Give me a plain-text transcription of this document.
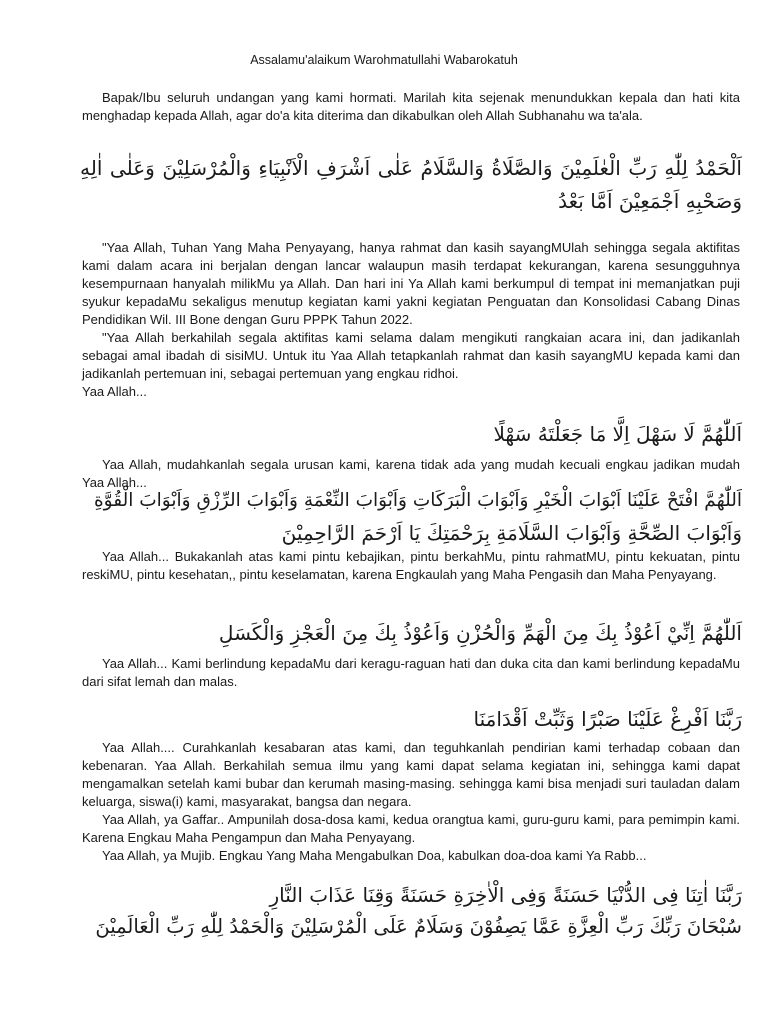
Assalamu'alaikum Warohmatullahi Wabarokatuh

Bapak/Ibu seluruh undangan yang kami hormati. Marilah kita sejenak menundukkan kepala dan hati kita menghadap kepada Allah, agar do'a kita diterima dan dikabulkan oleh Allah Subhanahu wa ta'ala.

اَلْحَمْدُ لِلّٰهِ رَبِّ الْعٰلَمِيْنَ وَالصَّلَاةُ وَالسَّلَامُ عَلٰى اَشْرَفِ الْاَنْبِيَاءِ وَالْمُرْسَلِيْنَ وَعَلٰى اٰلِهِ وَصَحْبِهِ اَجْمَعِيْنَ اَمَّا بَعْدُ

"Yaa Allah, Tuhan Yang Maha Penyayang, hanya rahmat dan kasih sayangMUlah sehingga segala aktifitas kami dalam acara ini berjalan dengan lancar walaupun masih terdapat kekurangan, karena sesungguhnya kesempurnaan hanyalah milikMu ya Allah. Dan hari ini Ya Allah kami berkumpul di tempat ini memanjatkan puji syukur kepadaMu sekaligus menutup kegiatan kami yakni kegiatan Penguatan dan Konsolidasi Cabang Dinas Pendidikan Wil. III Bone dengan Guru PPPK Tahun 2022.

"Yaa Allah berkahilah segala aktifitas kami selama dalam mengikuti rangkaian acara ini, dan jadikanlah sebagai amal ibadah di sisiMU. Untuk itu Yaa Allah tetapkanlah rahmat dan kasih sayangMU kepada kami dan jadikanlah pertemuan ini, sebagai pertemuan yang engkau ridhoi.

Yaa Allah...

اَللّٰهُمَّ لَا سَهْلَ اِلَّا مَا جَعَلْتَهُ سَهْلًا

Yaa Allah, mudahkanlah segala urusan kami, karena tidak ada yang mudah kecuali engkau jadikan mudah Yaa Allah...

اَللّٰهُمَّ افْتَحْ عَلَيْنَا اَبْوَابَ الْخَيْرِ وَاَبْوَابَ الْبَرَكَاتِ وَاَبْوَابَ النِّعْمَةِ وَاَبْوَابَ الرِّزْقِ وَاَبْوَابَ الْقُوَّةِ
وَاَبْوَابَ الصِّحَّةِ وَاَبْوَابَ السَّلَامَةِ بِرَحْمَتِكَ يَا اَرْحَمَ الرَّاحِمِيْنَ

Yaa Allah... Bukakanlah atas kami pintu kebajikan, pintu berkahMu, pintu rahmatMU, pintu kekuatan, pintu reskiMU, pintu kesehatan,, pintu keselamatan, karena Engkaulah yang Maha Pengasih dan Maha Penyayang.

اَللّٰهُمَّ اِنِّيْ اَعُوْذُ بِكَ مِنَ الْهَمِّ وَالْحُزْنِ وَاَعُوْذُ بِكَ مِنَ الْعَجْزِ وَالْكَسَلِ

Yaa Allah... Kami berlindung kepadaMu dari keragu-raguan hati dan duka cita dan kami berlindung kepadaMu dari sifat lemah dan malas.

رَبَّنَا اَفْرِغْ عَلَيْنَا صَبْرًا وَثَبِّتْ اَقْدَامَنَا

Yaa Allah.... Curahkanlah kesabaran atas kami, dan teguhkanlah pendirian kami terhadap cobaan dan kebenaran. Yaa Allah. Berkahilah semua ilmu yang kami dapat selama kegiatan ini, sehingga kami dapat mengamalkan setelah kami bubar dan kerumah masing-masing. sehingga kami bisa menjadi suri tauladan dalam keluarga, siswa(i) kami, masyarakat, bangsa dan negara.

Yaa Allah, ya Gaffar.. Ampunilah dosa-dosa kami, kedua orangtua kami, guru-guru kami, para pemimpin kami. Karena Engkau Maha Pengampun dan Maha Penyayang.

Yaa Allah, ya Mujib. Engkau Yang Maha Mengabulkan Doa, kabulkan doa-doa kami Ya Rabb...

رَبَّنَا اٰتِنَا فِى الدُّنْيَا حَسَنَةً وَفِى الْاٰخِرَةِ حَسَنَةً وَقِنَا عَذَابَ النَّارِ
سُبْحَانَ رَبِّكَ رَبِّ الْعِزَّةِ عَمَّا يَصِفُوْنَ وَسَلَامٌ عَلَى الْمُرْسَلِيْنَ وَالْحَمْدُ لِلّٰهِ رَبِّ الْعَالَمِيْنَ
